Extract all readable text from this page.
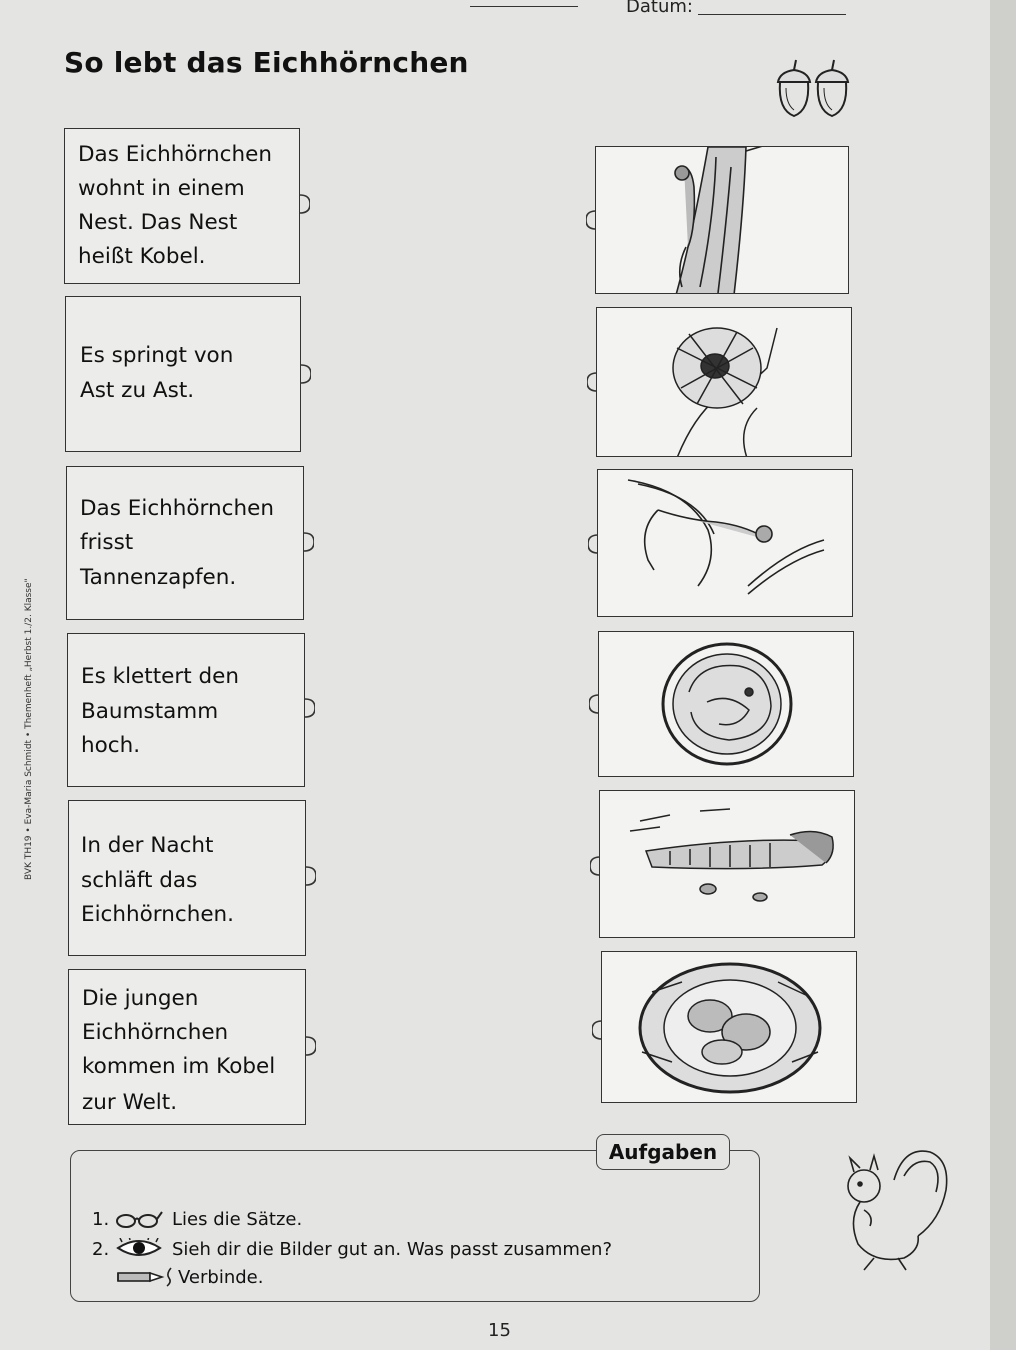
Datum:
So lebt das Eichhörnchen
Das Eichhörnchen
wohnt in einem
Nest. Das Nest
heißt Kobel.
Es springt von
Ast zu Ast.
Das Eichhörnchen
frisst
Tannenzapfen.
Es klettert den
Baumstamm
hoch.
In der Nacht
schläft das
Eichhörnchen.
Die jungen
Eichhörnchen
kommen im Kobel
zur Welt.
Aufgaben
1.	Lies die Sätze.
2.	Sieh dir die Bilder gut an. Was passt zusammen?
Verbinde.
BVK TH19 • Eva-Maria Schmidt • Themenheft „Herbst 1./2. Klasse"
15
